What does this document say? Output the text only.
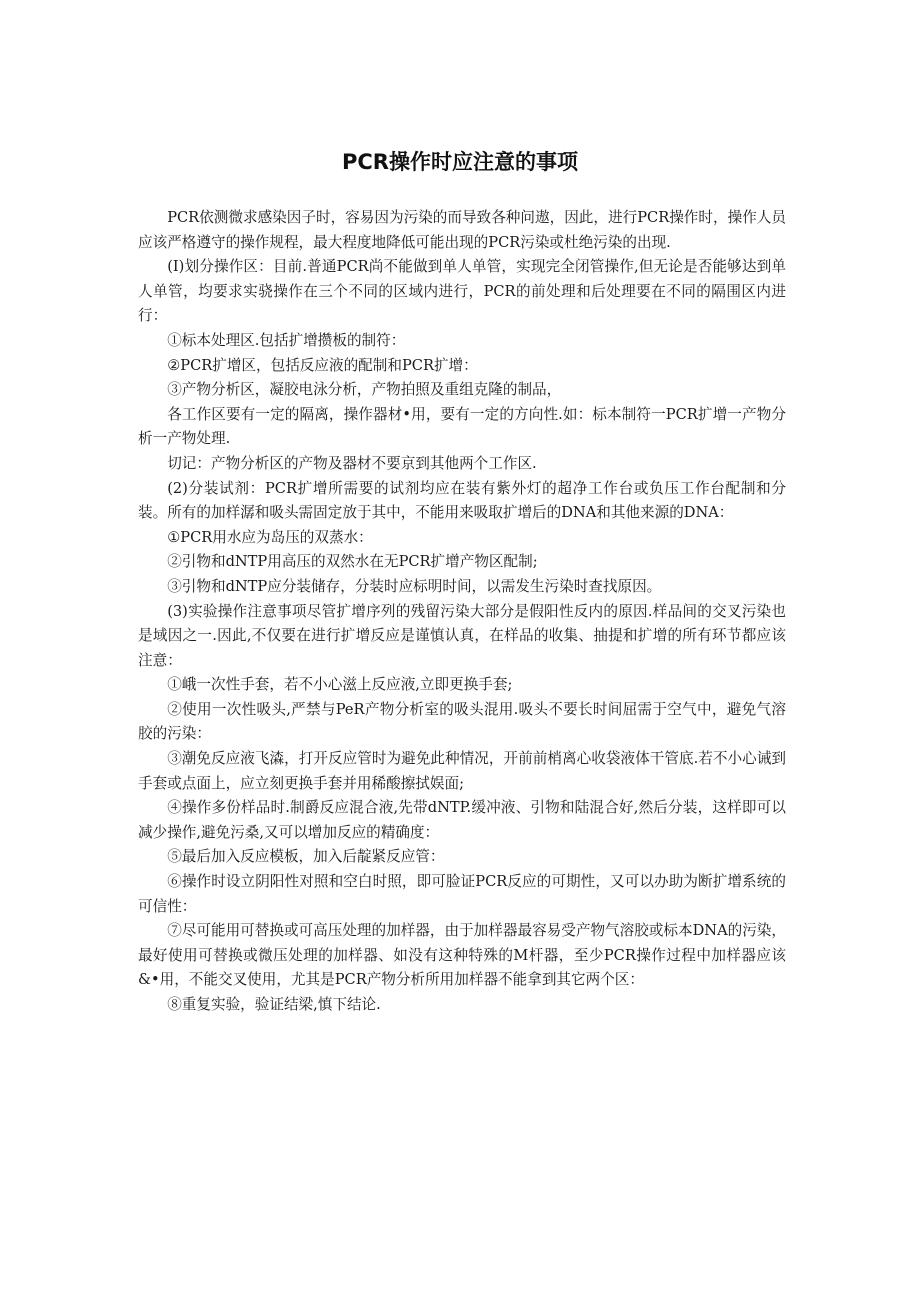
PCR操作时应注意的事项

PCR依测微求感染因子时，容易因为污染的而导致各种问遨，因此，进行PCR操作时，操作人员应该严格遵守的操作规程，最大程度地降低可能出现的PCR污染或杜绝污染的出现.

(I)划分操作区：目前.普通PCR尚不能做到单人单管，实现完全闭管操作,但无论是否能够达到单人单管，均要求实骁操作在三个不同的区域内进行，PCR的前处理和后处理要在不同的隔围区内进行：

①标本处理区.包括扩增攒板的制符：

②PCR扩增区，包括反应液的配制和PCR扩增：

③产物分析区，凝胶电泳分析，产物拍照及重组克隆的制品，

各工作区要有一定的隔离，操作器材•用，要有一定的方向性.如：标本制符一PCR扩增一产物分析一产物处理.

切记：产物分析区的产物及器材不要京到其他两个工作区.

(2)分装试剂：PCR扩增所需要的试剂均应在装有紫外灯的超净工作台或负压工作台配制和分装。所有的加样潺和吸头需固定放于其中，不能用来吸取扩增后的DNA和其他来源的DNA：

①PCR用水应为岛压的双蒸水：

②引物和dNTP用高压的双然水在无PCR扩增产物区配制;

③引物和dNTP应分装储存，分装时应标明时间，以需发生污染时查找原因。

(3)实验操作注意事项尽管扩增序列的残留污染大部分是假阳性反内的原因.样品间的交叉污染也是域因之一.因此,不仅要在进行扩增反应是谨慎认真，在样品的收集、抽提和扩增的所有环节都应该注意：

①峨一次性手套，若不小心滋上反应液,立即更换手套;

②使用一次性吸头,严禁与PeR产物分析室的吸头混用.吸头不要长时间屈需于空气中，避免气溶胶的污染：

③潮免反应液飞潹，打开反应管时为避免此种情况，开前前梢离心收袋液体干管底.若不小心诫到手套或点面上，应立刻更换手套并用稀酸擦拭娱面;

④操作多份样品时.制爵反应混合液,先带dNTP.缓冲液、引物和陆混合好,然后分装，这样即可以减少操作,避免污桑,又可以增加反应的精确度：

⑤最后加入反应模板，加入后靛紧反应管：

⑥操作时设立阴阳性对照和空白时照，即可脸证PCR反应的可期性，又可以办助为断扩增系统的可信性：

⑦尽可能用可替换或可高压处理的加样器，由于加样器最容易受产物气溶胶或标本DNA的污染，最好使用可替换或微压处理的加样器、如没有这种特殊的M杆器，至少PCR操作过程中加样器应该&•用，不能交叉使用，尤其是PCR产物分析所用加样器不能拿到其它两个区：

⑧重复实验，验证结梁,慎下结论.
